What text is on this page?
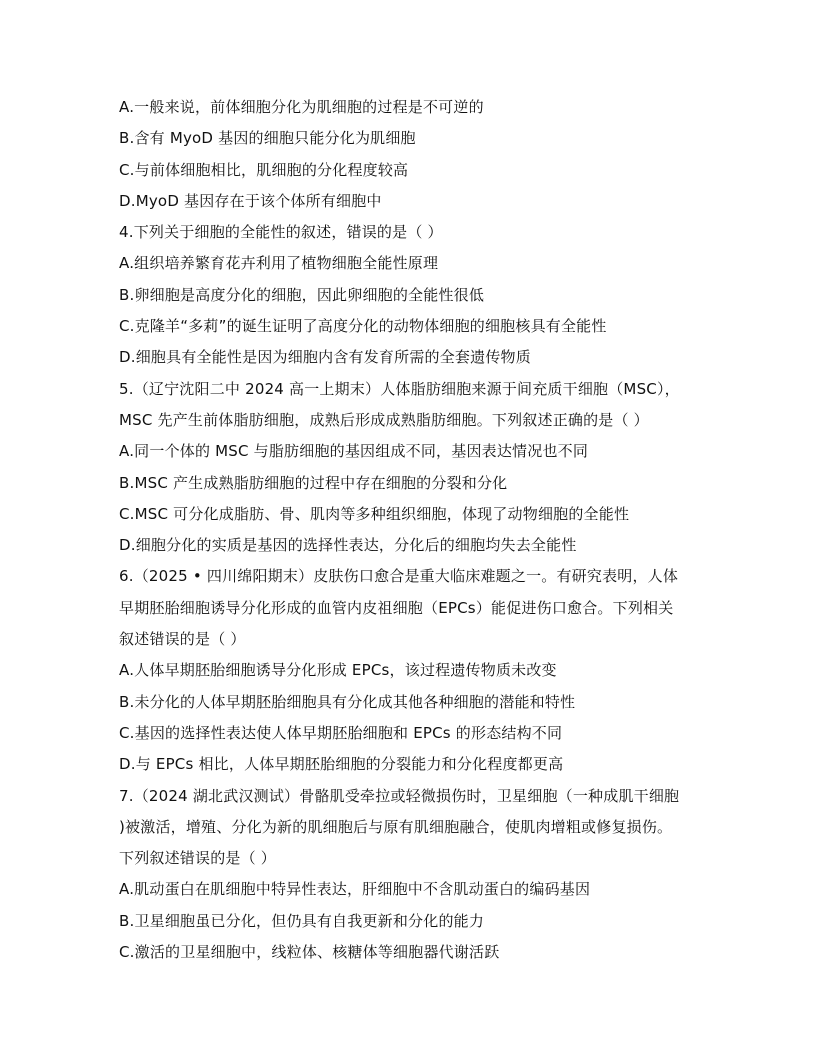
A.一般来说，前体细胞分化为肌细胞的过程是不可逆的
B.含有 MyoD 基因的细胞只能分化为肌细胞
C.与前体细胞相比，肌细胞的分化程度较高
D.MyoD 基因存在于该个体所有细胞中
4.下列关于细胞的全能性的叙述，错误的是（ ）
A.组织培养繁育花卉利用了植物细胞全能性原理
B.卵细胞是高度分化的细胞，因此卵细胞的全能性很低
C.克隆羊“多莉”的诞生证明了高度分化的动物体细胞的细胞核具有全能性
D.细胞具有全能性是因为细胞内含有发育所需的全套遗传物质
5.（辽宁沈阳二中 2024 高一上期末）人体脂肪细胞来源于间充质干细胞（MSC），
MSC 先产生前体脂肪细胞，成熟后形成成熟脂肪细胞。下列叙述正确的是（ ）
A.同一个体的 MSC 与脂肪细胞的基因组成不同，基因表达情况也不同
B.MSC 产生成熟脂肪细胞的过程中存在细胞的分裂和分化
C.MSC 可分化成脂肪、骨、肌肉等多种组织细胞，体现了动物细胞的全能性
D.细胞分化的实质是基因的选择性表达，分化后的细胞均失去全能性
6.（2025 • 四川绵阳期末）皮肤伤口愈合是重大临床难题之一。有研究表明，人体
早期胚胎细胞诱导分化形成的血管内皮祖细胞（EPCs）能促进伤口愈合。下列相关
叙述错误的是（ ）
A.人体早期胚胎细胞诱导分化形成 EPCs，该过程遗传物质未改变
B.未分化的人体早期胚胎细胞具有分化成其他各种细胞的潜能和特性
C.基因的选择性表达使人体早期胚胎细胞和 EPCs 的形态结构不同
D.与 EPCs 相比，人体早期胚胎细胞的分裂能力和分化程度都更高
7.（2024 湖北武汉测试）骨骼肌受牵拉或轻微损伤时，卫星细胞（一种成肌干细胞
)被激活，增殖、分化为新的肌细胞后与原有肌细胞融合，使肌肉增粗或修复损伤。
下列叙述错误的是（ ）
A.肌动蛋白在肌细胞中特异性表达，肝细胞中不含肌动蛋白的编码基因
B.卫星细胞虽已分化，但仍具有自我更新和分化的能力
C.激活的卫星细胞中，线粒体、核糖体等细胞器代谢活跃
